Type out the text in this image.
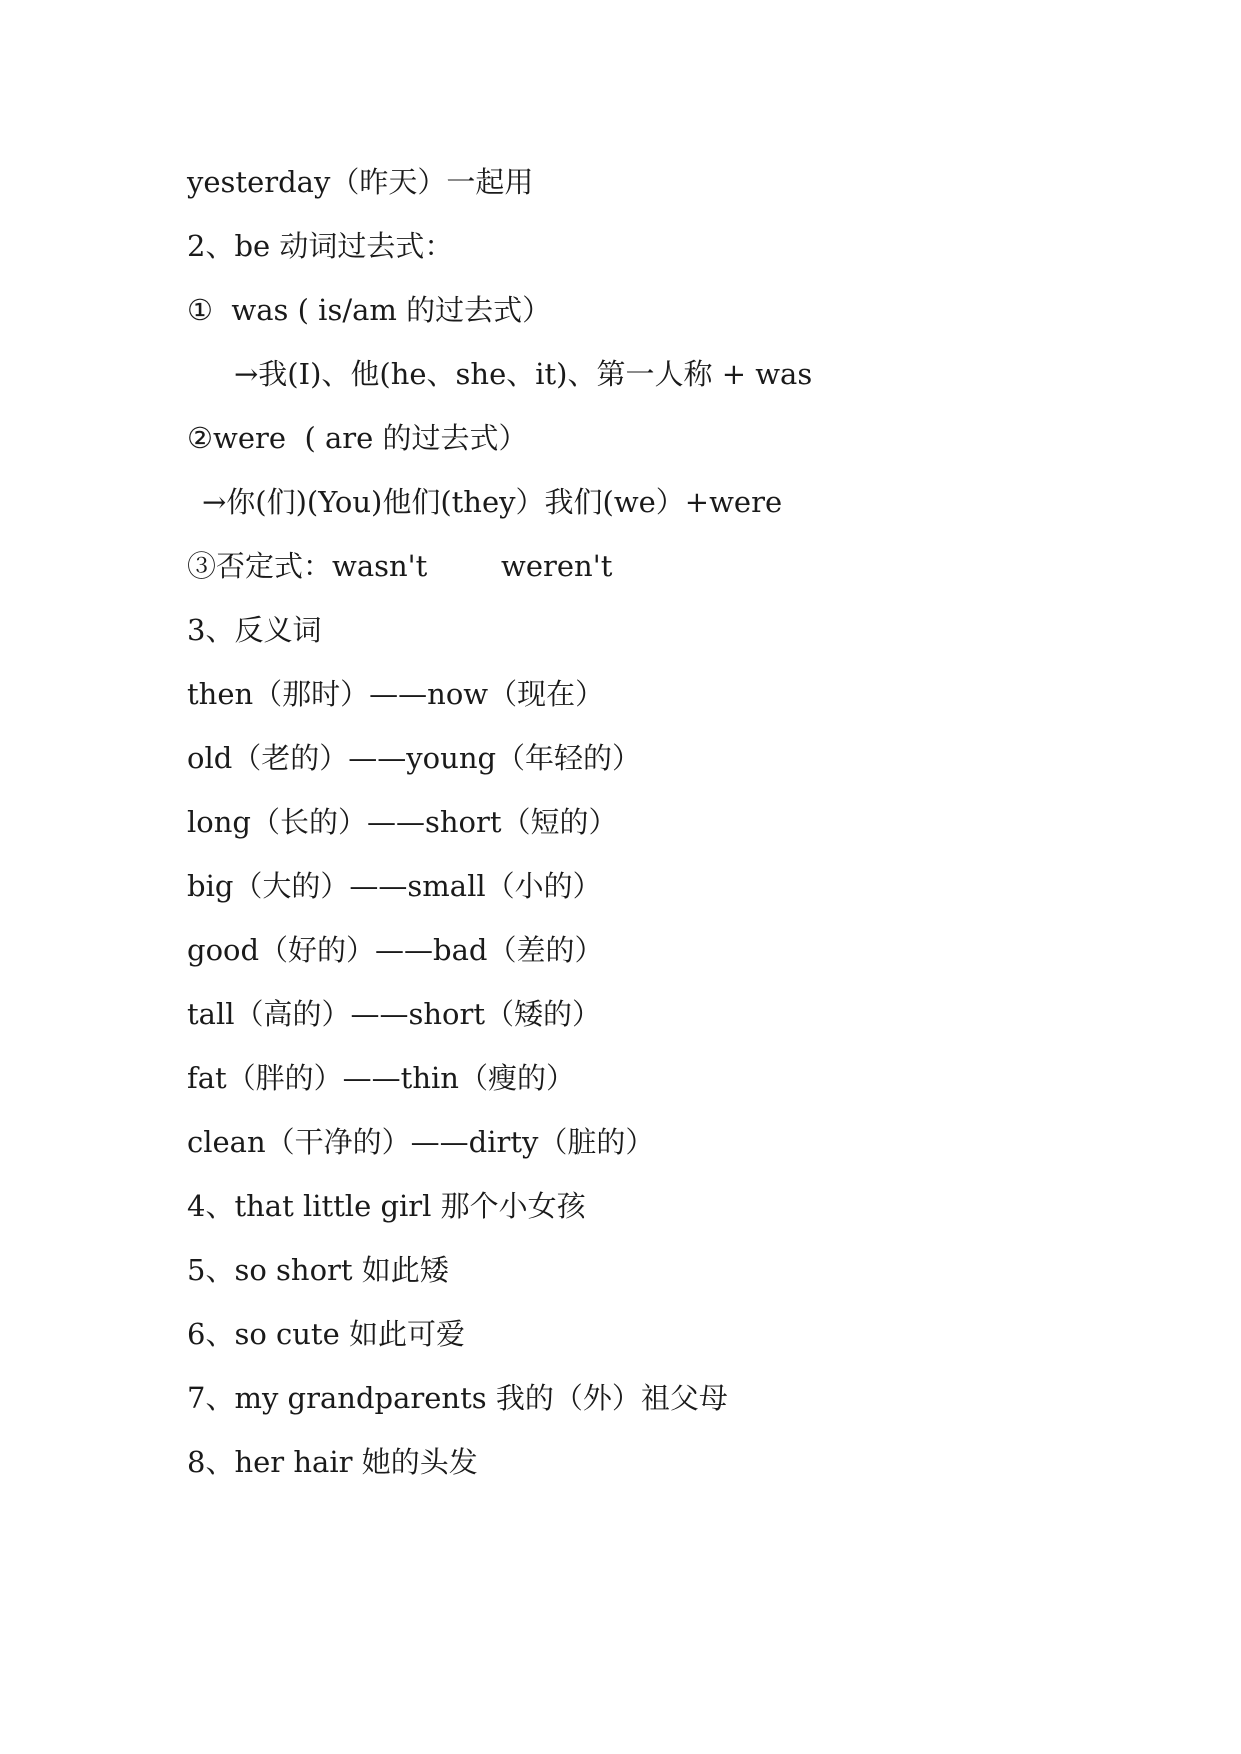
yesterday（昨天）一起用

2、be 动词过去式：

①  was ( is/am 的过去式）

→我(I)、他(he、she、it)、第一人称 + was

②were  ( are 的过去式）

→你(们)(You)他们(they）我们(we）+were

③否定式：wasn't        weren't

3、反义词

then（那时）——now（现在）

old（老的）——young（年轻的）

long（长的）——short（短的）

big（大的）——small（小的）

good（好的）——bad（差的）

tall（高的）——short（矮的）

fat（胖的）——thin（瘦的）

clean（干净的）——dirty（脏的）

4、that little girl 那个小女孩

5、so short 如此矮

6、so cute 如此可爱

7、my grandparents 我的（外）祖父母

8、her hair 她的头发
